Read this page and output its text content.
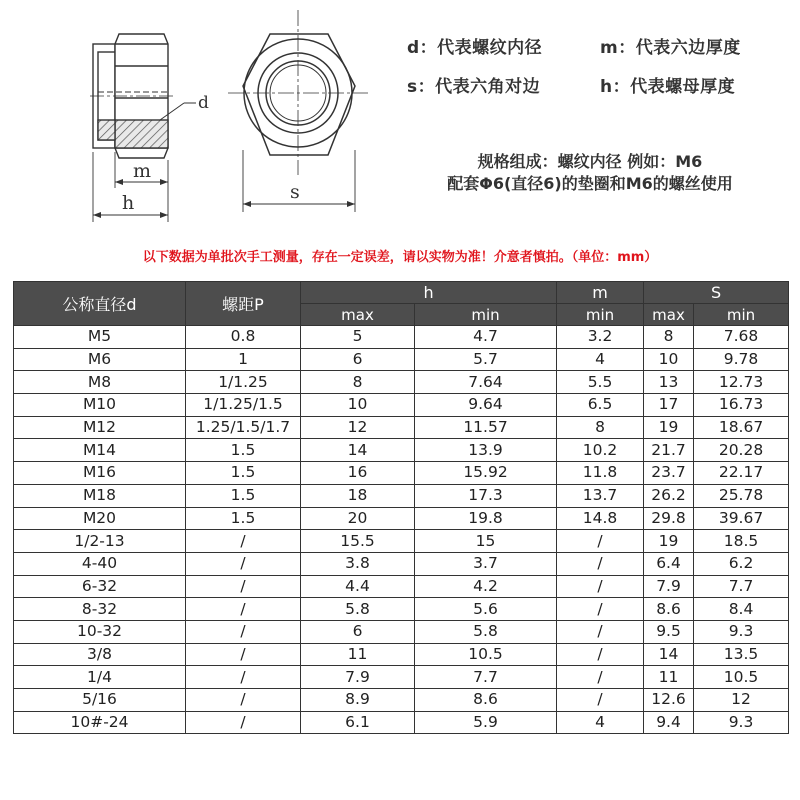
d
m
h	s
d：代表螺纹内径	m：代表六边厚度
s：代表六角对边	h：代表螺母厚度
规格组成：螺纹内径 例如：M6
配套Φ6(直径6)的垫圈和M6的螺丝使用
以下数据为单批次手工测量，存在一定误差，请以实物为准！介意者慎拍。（单位：mm）
公称直径d	螺距P	h		m	S	
		max	min	min	max	min
M5	0.8	5	4.7	3.2	8	7.68
M6	1	6	5.7	4	10	9.78
M8	1/1.25	8	7.64	5.5	13	12.73
M10	1/1.25/1.5	10	9.64	6.5	17	16.73
M12	1.25/1.5/1.7	12	11.57	8	19	18.67
M14	1.5	14	13.9	10.2	21.7	20.28
M16	1.5	16	15.92	11.8	23.7	22.17
M18	1.5	18	17.3	13.7	26.2	25.78
M20	1.5	20	19.8	14.8	29.8	39.67
1/2-13	/	15.5	15	/	19	18.5
4-40	/	3.8	3.7	/	6.4	6.2
6-32	/	4.4	4.2	/	7.9	7.7
8-32	/	5.8	5.6	/	8.6	8.4
10-32	/	6	5.8	/	9.5	9.3
3/8	/	11	10.5	/	14	13.5
1/4	/	7.9	7.7	/	11	10.5
5/16	/	8.9	8.6	/	12.6	12
10#-24	/	6.1	5.9	4	9.4	9.3
